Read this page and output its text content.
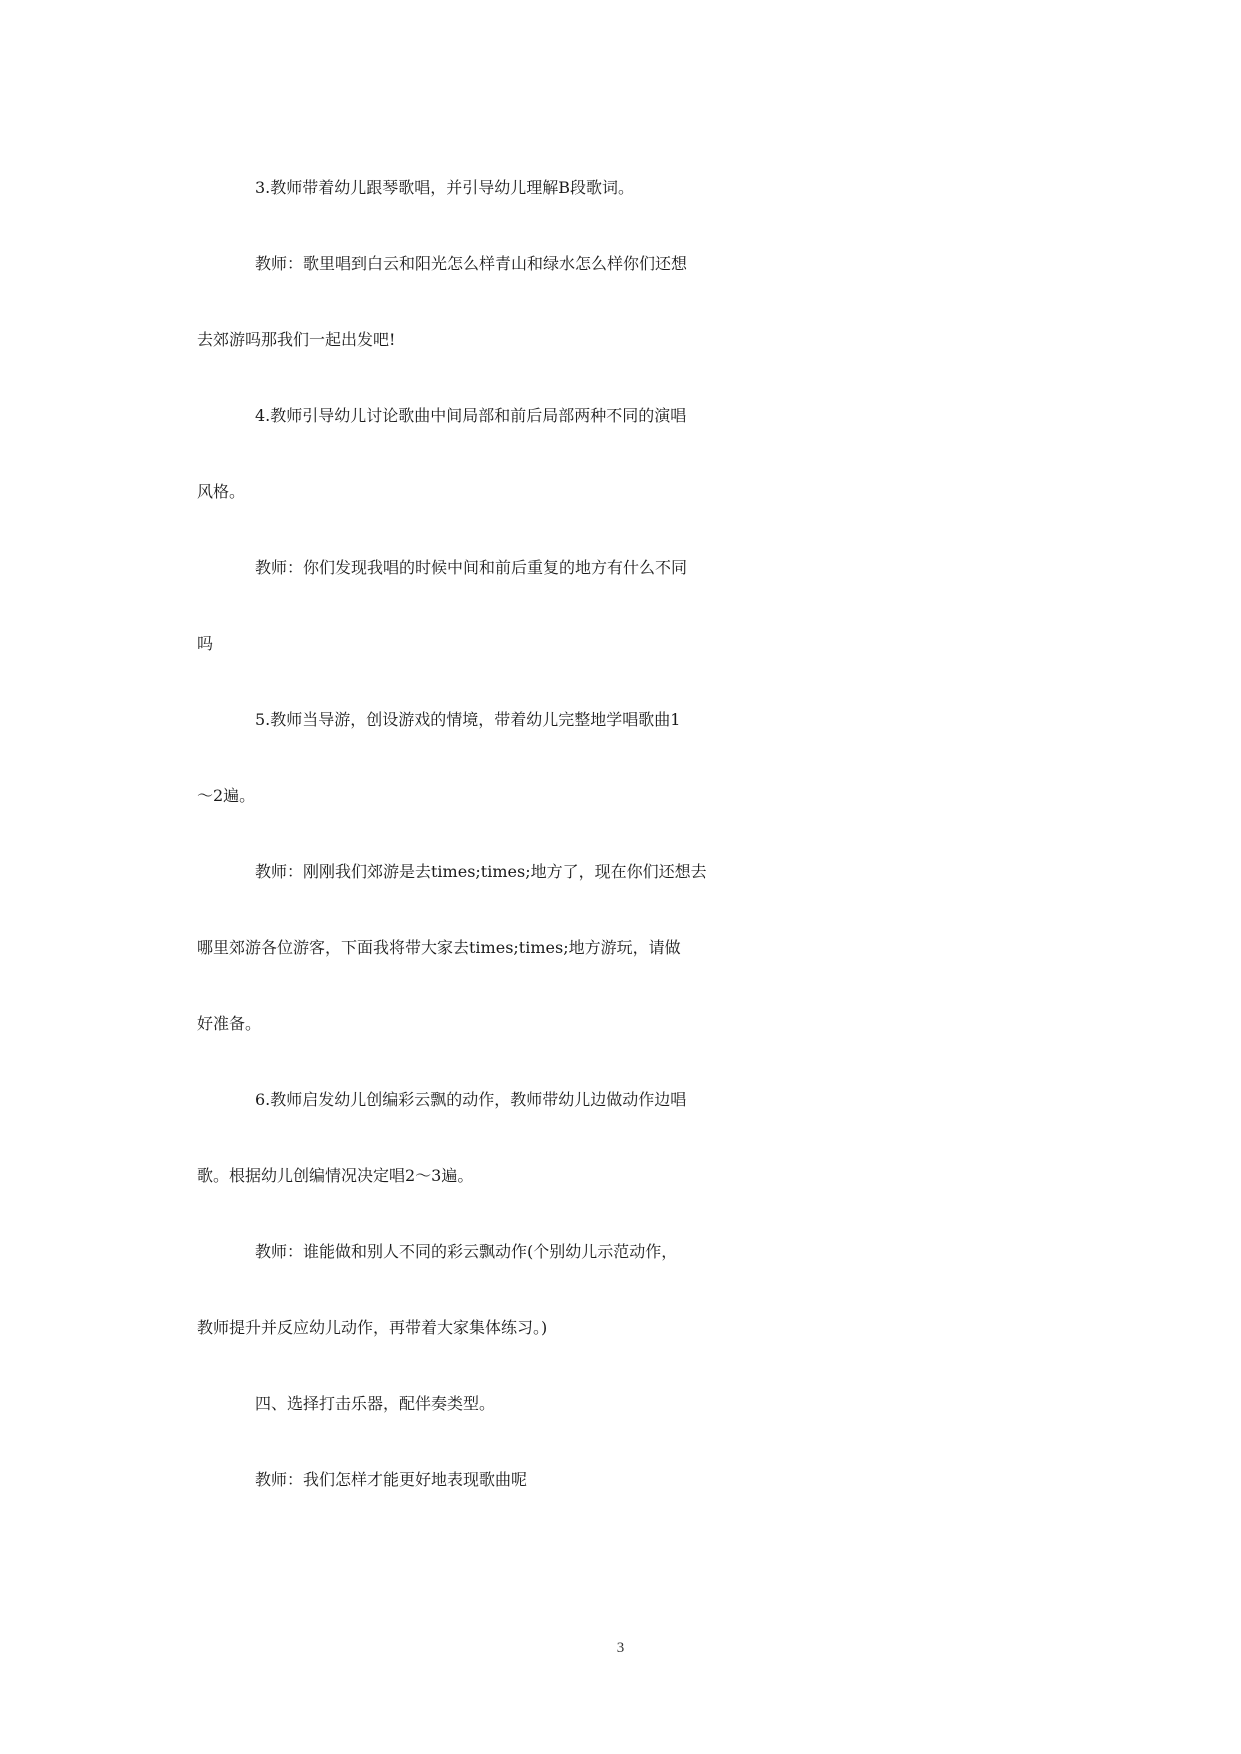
3.教师带着幼儿跟琴歌唱，并引导幼儿理解B段歌词。
教师：歌里唱到白云和阳光怎么样青山和绿水怎么样你们还想
去郊游吗那我们一起出发吧!
4.教师引导幼儿讨论歌曲中间局部和前后局部两种不同的演唱
风格。
教师：你们发现我唱的时候中间和前后重复的地方有什么不同
吗
5.教师当导游，创设游戏的情境，带着幼儿完整地学唱歌曲1
～2遍。
教师：刚刚我们郊游是去times;times;地方了，现在你们还想去
哪里郊游各位游客，下面我将带大家去times;times;地方游玩，请做
好准备。
6.教师启发幼儿创编彩云飘的动作，教师带幼儿边做动作边唱
歌。根据幼儿创编情况决定唱2～3遍。
教师：谁能做和别人不同的彩云飘动作(个别幼儿示范动作，
教师提升并反应幼儿动作，再带着大家集体练习。)
四、选择打击乐器，配伴奏类型。
教师：我们怎样才能更好地表现歌曲呢
3
